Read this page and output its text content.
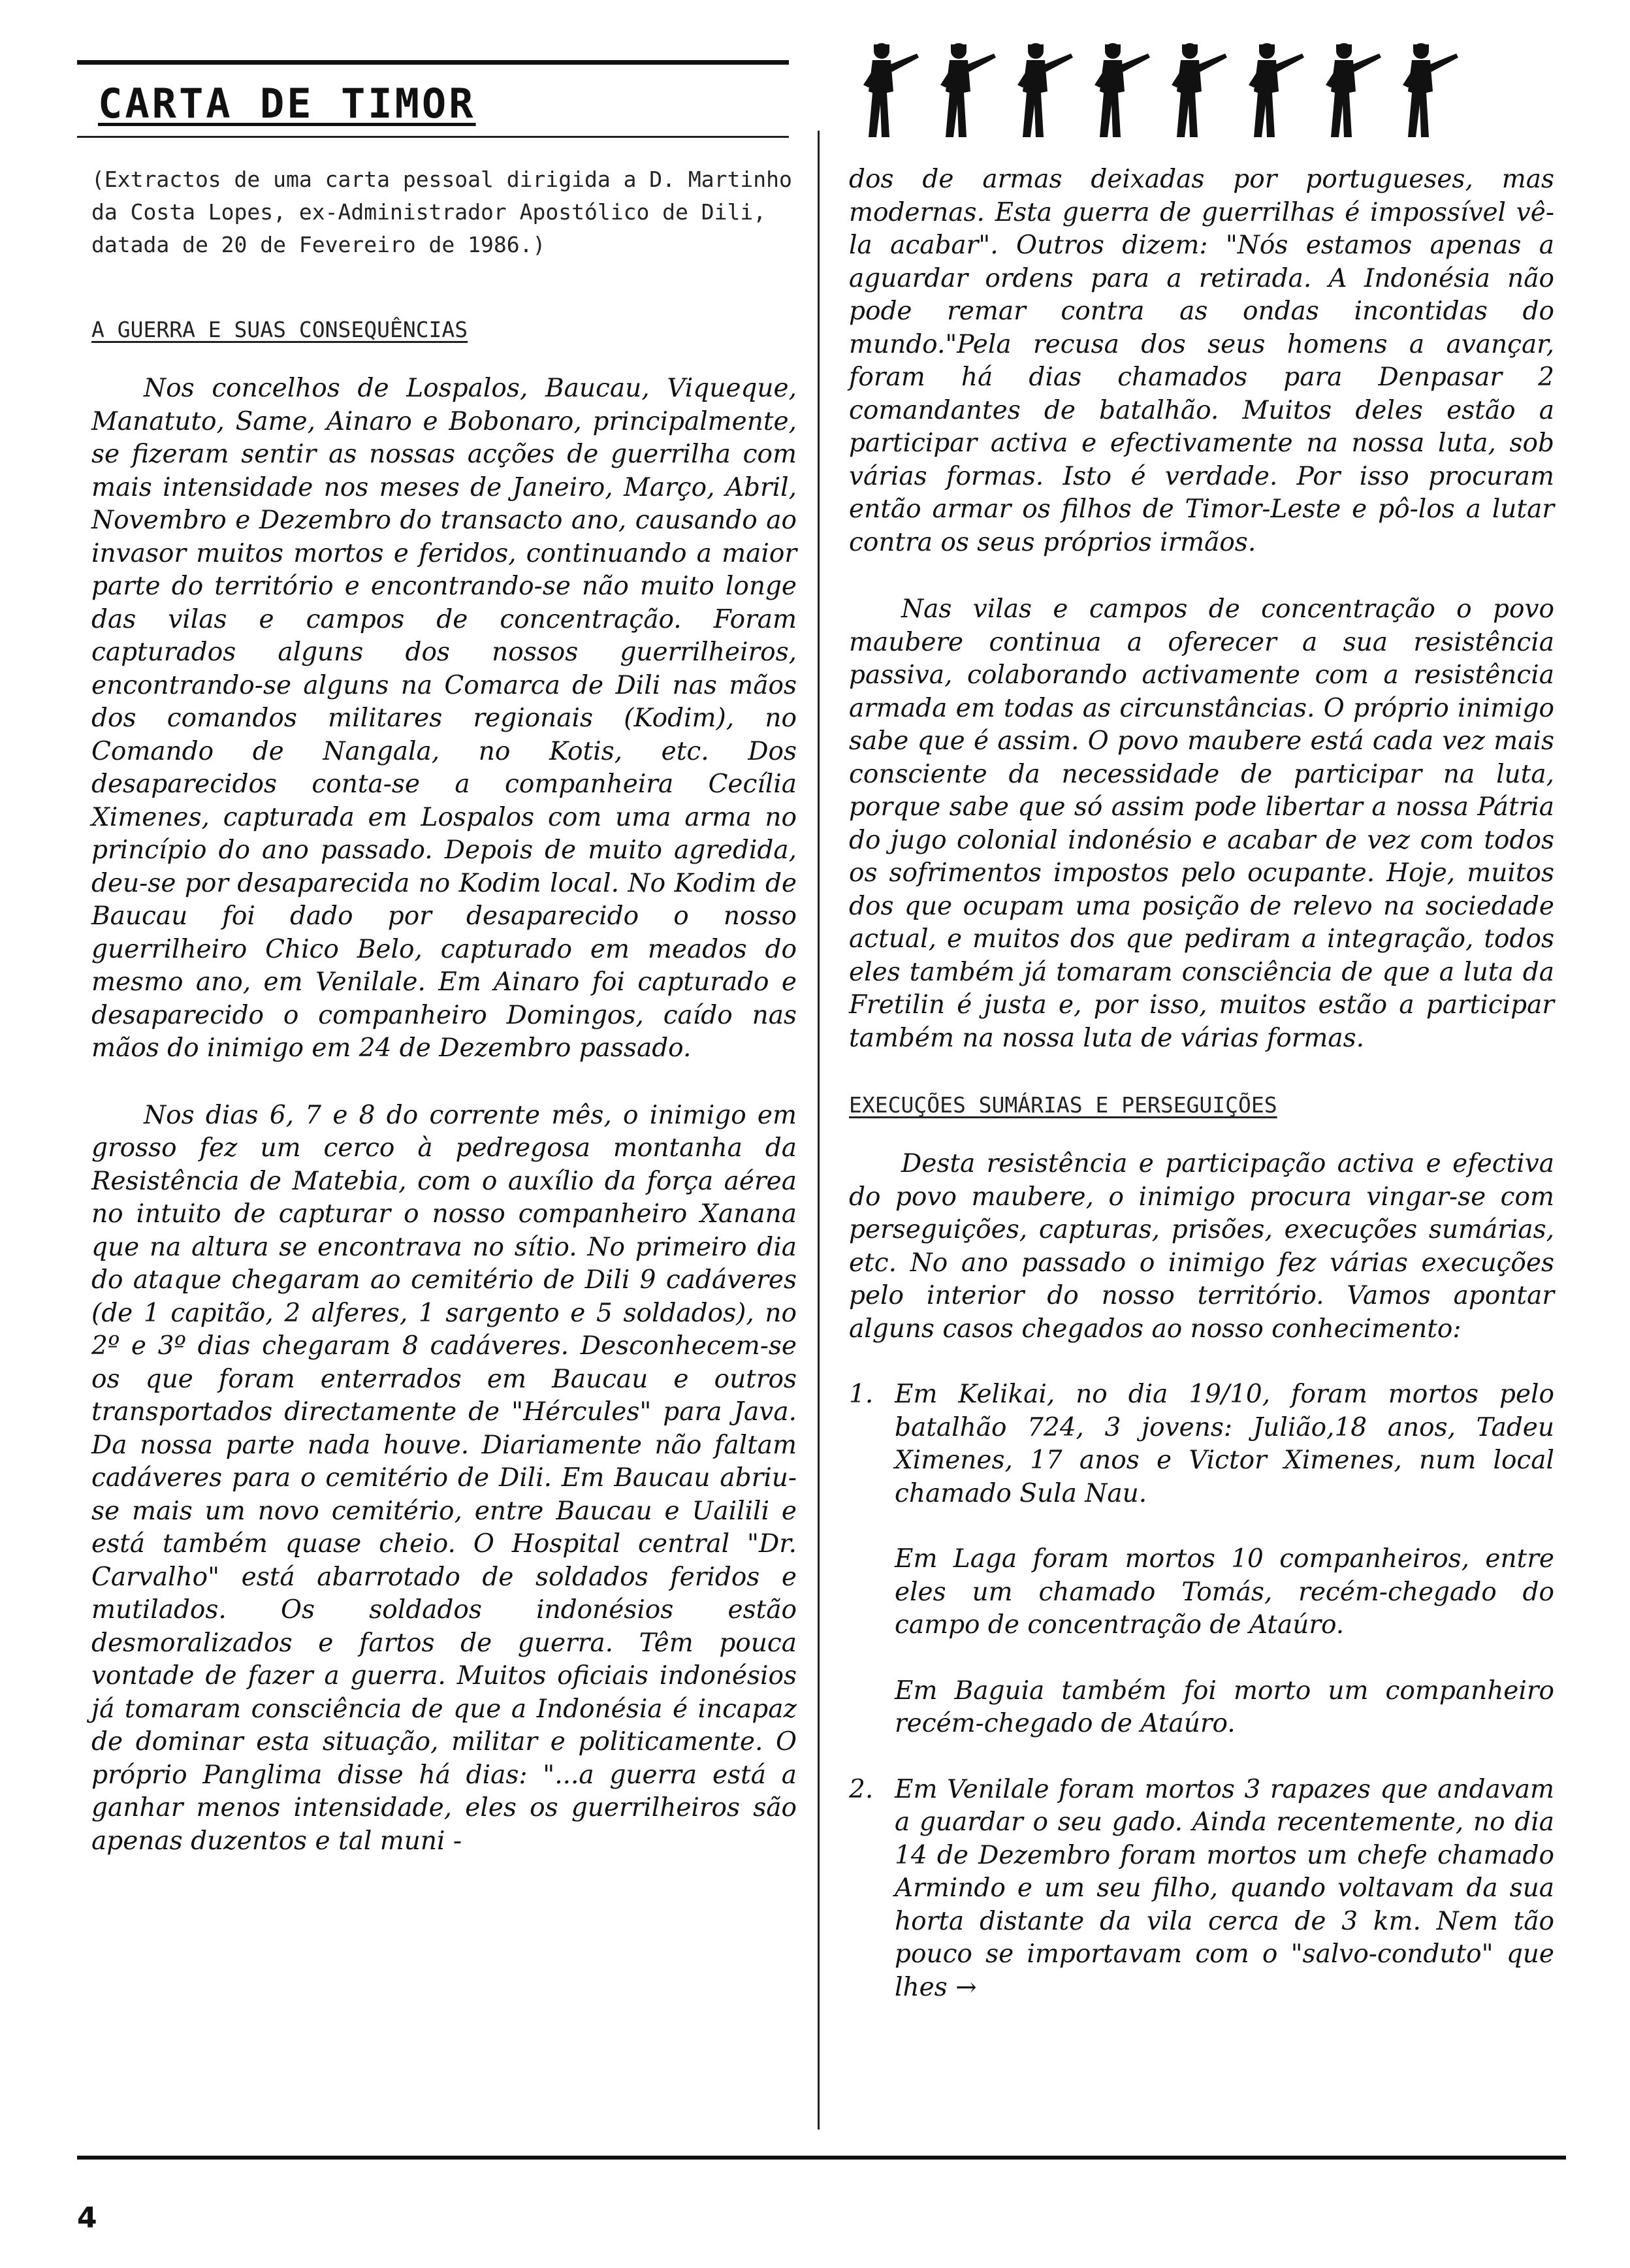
CARTA DE TIMOR

(Extractos de uma carta pessoal dirigida a D. Martinho da Costa Lopes, ex-Administrador Apostólico de Dili, datada de 20 de Fevereiro de 1986.)

A GUERRA E SUAS CONSEQUÊNCIAS

Nos concelhos de Lospalos, Baucau, Viqueque, Manatuto, Same, Ainaro e Bobonaro, principalmente, se fizeram sentir as nossas acções de guerrilha com mais intensidade nos meses de Janeiro, Março, Abril, Novembro e Dezembro do transacto ano, causando ao invasor muitos mortos e feridos, continuando a maior parte do território e encontrando-se não muito longe das vilas e campos de concentração. Foram capturados alguns dos nossos guerrilheiros, encontrando-se alguns na Comarca de Dili nas mãos dos comandos militares regionais (Kodim), no Comando de Nangala, no Kotis, etc. Dos desaparecidos conta-se a companheira Cecília Ximenes, capturada em Lospalos com uma arma no princípio do ano passado. Depois de muito agredida, deu-se por desaparecida no Kodim local. No Kodim de Baucau foi dado por desaparecido o nosso guerrilheiro Chico Belo, capturado em meados do mesmo ano, em Venilale. Em Ainaro foi capturado e desaparecido o companheiro Domingos, caído nas mãos do inimigo em 24 de Dezembro passado.

Nos dias 6, 7 e 8 do corrente mês, o inimigo em grosso fez um cerco à pedregosa montanha da Resistência de Matebia, com o auxílio da força aérea no intuito de capturar o nosso companheiro Xanana que na altura se encontrava no sítio. No primeiro dia do ataque chegaram ao cemitério de Dili 9 cadáveres (de 1 capitão, 2 alferes, 1 sargento e 5 soldados), no 2º e 3º dias chegaram 8 cadáveres. Desconhecem-se os que foram enterrados em Baucau e outros transportados directamente de "Hércules" para Java. Da nossa parte nada houve. Diariamente não faltam cadáveres para o cemitério de Dili. Em Baucau abriu-se mais um novo cemitério, entre Baucau e Uailili e está também quase cheio. O Hospital central "Dr. Carvalho" está abarrotado de soldados feridos e mutilados. Os soldados indonésios estão desmoralizados e fartos de guerra. Têm pouca vontade de fazer a guerra. Muitos oficiais indonésios já tomaram consciência de que a Indonésia é incapaz de dominar esta situação, militar e politicamente. O próprio Panglima disse há dias: "...a guerra está a ganhar menos intensidade, eles os guerrilheiros são apenas duzentos e tal muni -

dos de armas deixadas por portugueses, mas modernas. Esta guerra de guerrilhas é impossível vê-la acabar". Outros dizem: "Nós estamos apenas a aguardar ordens para a retirada. A Indonésia não pode remar contra as ondas incontidas do mundo."Pela recusa dos seus homens a avançar, foram há dias chamados para Denpasar 2 comandantes de batalhão. Muitos deles estão a participar activa e efectivamente na nossa luta, sob várias formas. Isto é verdade. Por isso procuram então armar os filhos de Timor-Leste e pô-los a lutar contra os seus próprios irmãos.

Nas vilas e campos de concentração o povo maubere continua a oferecer a sua resistência passiva, colaborando activamente com a resistência armada em todas as circunstâncias. O próprio inimigo sabe que é assim. O povo maubere está cada vez mais consciente da necessidade de participar na luta, porque sabe que só assim pode libertar a nossa Pátria do jugo colonial indonésio e acabar de vez com todos os sofrimentos impostos pelo ocupante. Hoje, muitos dos que ocupam uma posição de relevo na sociedade actual, e muitos dos que pediram a integração, todos eles também já tomaram consciência de que a luta da Fretilin é justa e, por isso, muitos estão a participar também na nossa luta de várias formas.

EXECUÇÕES SUMÁRIAS E PERSEGUIÇÕES

Desta resistência e participação activa e efectiva do povo maubere, o inimigo procura vingar-se com perseguições, capturas, prisões, execuções sumárias, etc. No ano passado o inimigo fez várias execuções pelo interior do nosso território. Vamos apontar alguns casos chegados ao nosso conhecimento:

1. Em Kelikai, no dia 19/10, foram mortos pelo batalhão 724, 3 jovens: Julião,18 anos, Tadeu Ximenes, 17 anos e Victor Ximenes, num local chamado Sula Nau.

Em Laga foram mortos 10 companheiros, entre eles um chamado Tomás, recém-chegado do campo de concentração de Ataúro.

Em Baguia também foi morto um companheiro recém-chegado de Ataúro.

2. Em Venilale foram mortos 3 rapazes que andavam a guardar o seu gado. Ainda recentemente, no dia 14 de Dezembro foram mortos um chefe chamado Armindo e um seu filho, quando voltavam da sua horta distante da vila cerca de 3 km. Nem tão pouco se importavam com o "salvo-conduto" que lhes →

4
